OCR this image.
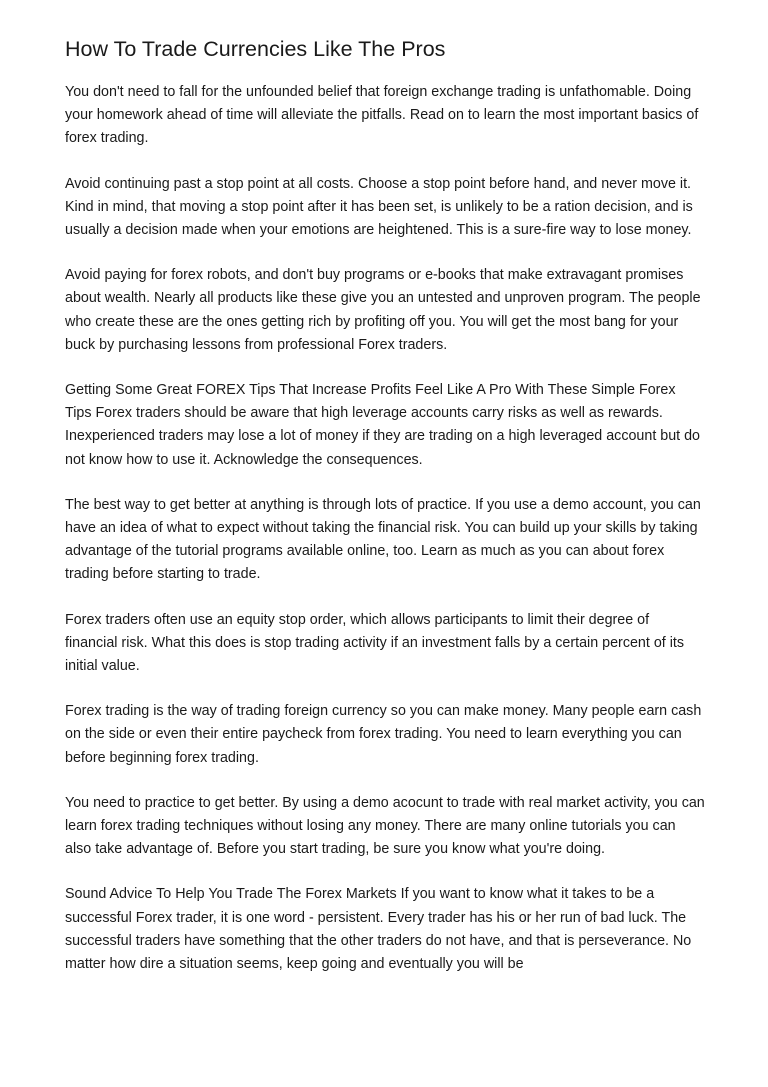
How To Trade Currencies Like The Pros

You don't need to fall for the unfounded belief that foreign exchange trading is unfathomable. Doing your homework ahead of time will alleviate the pitfalls. Read on to learn the most important basics of forex trading.

Avoid continuing past a stop point at all costs. Choose a stop point before hand, and never move it. Kind in mind, that moving a stop point after it has been set, is unlikely to be a ration decision, and is usually a decision made when your emotions are heightened. This is a sure-fire way to lose money.

Avoid paying for forex robots, and don't buy programs or e-books that make extravagant promises about wealth. Nearly all products like these give you an untested and unproven program. The people who create these are the ones getting rich by profiting off you. You will get the most bang for your buck by purchasing lessons from professional Forex traders.

Getting Some Great FOREX Tips That Increase Profits Feel Like A Pro With These Simple Forex Tips Forex traders should be aware that high leverage accounts carry risks as well as rewards. Inexperienced traders may lose a lot of money if they are trading on a high leveraged account but do not know how to use it. Acknowledge the consequences.

The best way to get better at anything is through lots of practice. If you use a demo account, you can have an idea of what to expect without taking the financial risk. You can build up your skills by taking advantage of the tutorial programs available online, too. Learn as much as you can about forex trading before starting to trade.

Forex traders often use an equity stop order, which allows participants to limit their degree of financial risk. What this does is stop trading activity if an investment falls by a certain percent of its initial value.

Forex trading is the way of trading foreign currency so you can make money. Many people earn cash on the side or even their entire paycheck from forex trading. You need to learn everything you can before beginning forex trading.

You need to practice to get better. By using a demo acocunt to trade with real market activity, you can learn forex trading techniques without losing any money. There are many online tutorials you can also take advantage of. Before you start trading, be sure you know what you're doing.

Sound Advice To Help You Trade The Forex Markets If you want to know what it takes to be a successful Forex trader, it is one word - persistent. Every trader has his or her run of bad luck. The successful traders have something that the other traders do not have, and that is perseverance. No matter how dire a situation seems, keep going and eventually you will be
